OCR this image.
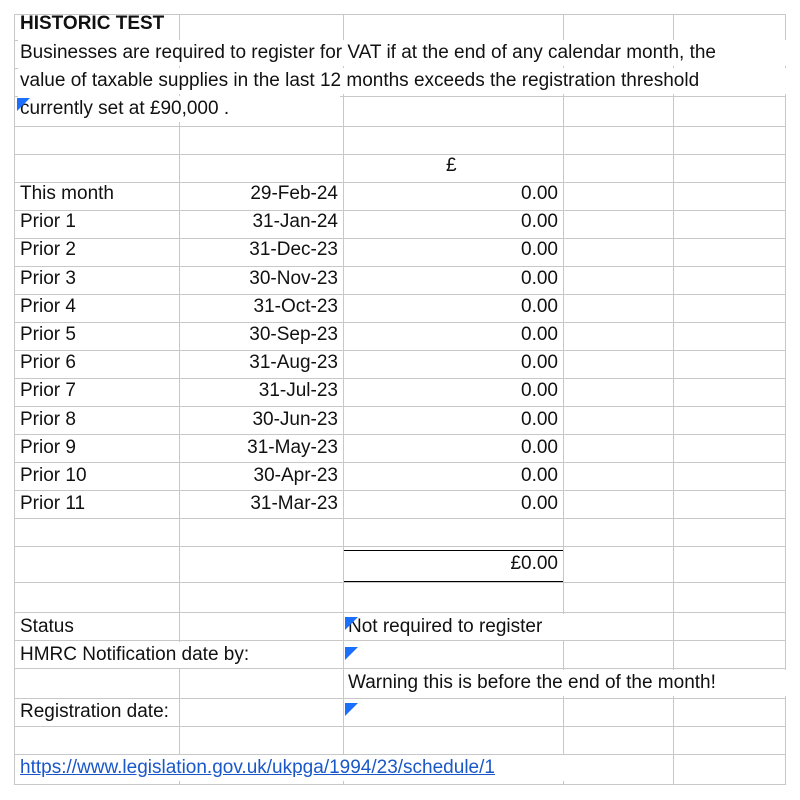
HISTORIC TEST
Businesses are required to register for VAT if at the end of any calendar month, the
value of taxable supplies in the last 12 months exceeds the registration threshold
currently set at £90,000 .
£
This month	29-Feb-24	0.00
Prior 1	31-Jan-24	0.00
Prior 2	31-Dec-23	0.00
Prior 3	30-Nov-23	0.00
Prior 4	31-Oct-23	0.00
Prior 5	30-Sep-23	0.00
Prior 6	31-Aug-23	0.00
Prior 7	31-Jul-23	0.00
Prior 8	30-Jun-23	0.00
Prior 9	31-May-23	0.00
Prior 10	30-Apr-23	0.00
Prior 11	31-Mar-23	0.00
£0.00
Status	Not required to register
HMRC Notification date by:
Warning this is before the end of the month!
Registration date:
https://www.legislation.gov.uk/ukpga/1994/23/schedule/1
